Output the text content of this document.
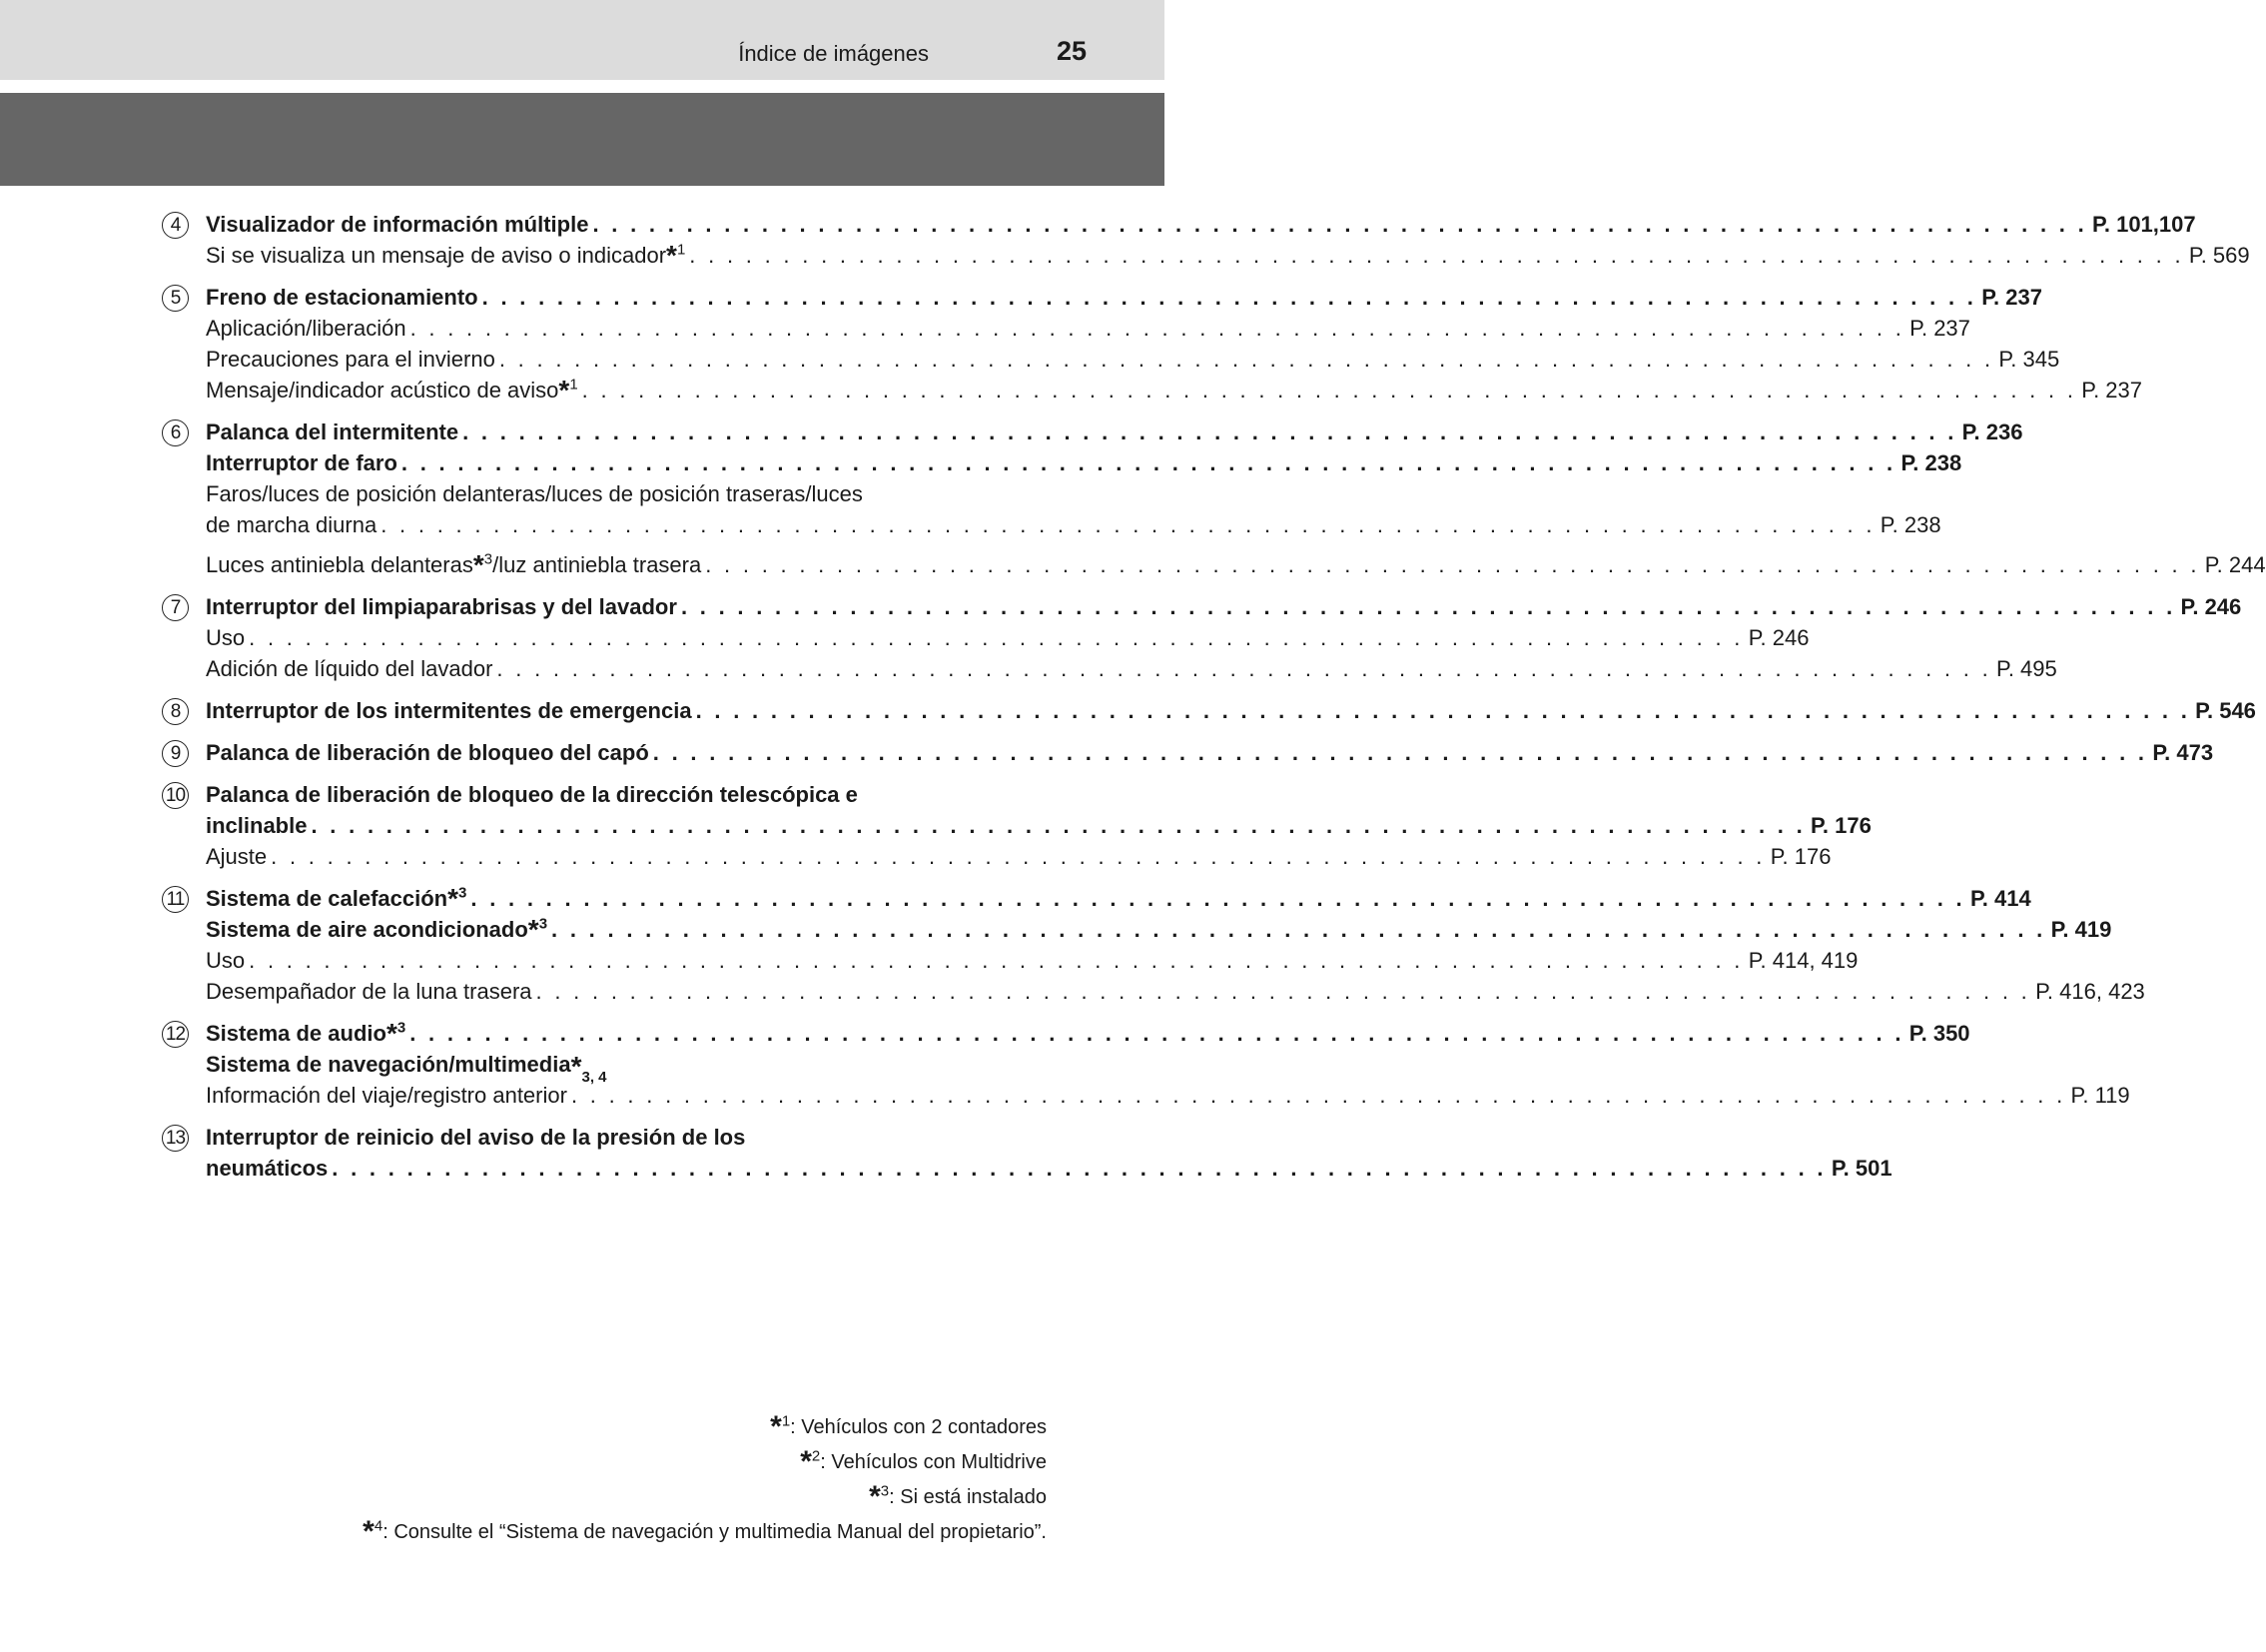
Índice de imágenes	25
4	Visualizador de información múltiple . . . . . . . . . . . . . . . . . . . . . . . . . . . . . . . . . . . . . . . . . . . . . . . . . . . . . . . . . . . . . . . . . . . . . . . . . . . . . . . . P. 101,107
Si se visualiza un mensaje de aviso o indicador*$^1$ . . . . . . . . . . . . . . . . . . . . . . . . . . . . . . . . . . . . . . . . . . . . . . . . . . . . . . . . . . . . . . . . . . . . . . . . . . . . . . . . P. 569
5	Freno de estacionamiento . . . . . . . . . . . . . . . . . . . . . . . . . . . . . . . . . . . . . . . . . . . . . . . . . . . . . . . . . . . . . . . . . . . . . . . . . . . . . . . . P. 237
Aplicación/liberación . . . . . . . . . . . . . . . . . . . . . . . . . . . . . . . . . . . . . . . . . . . . . . . . . . . . . . . . . . . . . . . . . . . . . . . . . . . . . . . . P. 237
Precauciones para el invierno . . . . . . . . . . . . . . . . . . . . . . . . . . . . . . . . . . . . . . . . . . . . . . . . . . . . . . . . . . . . . . . . . . . . . . . . . . . . . . . . P. 345
Mensaje/indicador acústico de aviso*$^1$ . . . . . . . . . . . . . . . . . . . . . . . . . . . . . . . . . . . . . . . . . . . . . . . . . . . . . . . . . . . . . . . . . . . . . . . . . . . . . . . . P. 237
6	Palanca del intermitente . . . . . . . . . . . . . . . . . . . . . . . . . . . . . . . . . . . . . . . . . . . . . . . . . . . . . . . . . . . . . . . . . . . . . . . . . . . . . . . . P. 236
Interruptor de faro . . . . . . . . . . . . . . . . . . . . . . . . . . . . . . . . . . . . . . . . . . . . . . . . . . . . . . . . . . . . . . . . . . . . . . . . . . . . . . . . P. 238
Faros/luces de posición delanteras/luces de posición traseras/luces
de marcha diurna . . . . . . . . . . . . . . . . . . . . . . . . . . . . . . . . . . . . . . . . . . . . . . . . . . . . . . . . . . . . . . . . . . . . . . . . . . . . . . . . P. 238
Luces antiniebla delanteras*$^3$/luz antiniebla trasera . . . . . . . . . . . . . . . . . . . . . . . . . . . . . . . . . . . . . . . . . . . . . . . . . . . . . . . . . . . . . . . . . . . . . . . . . . . . . . . . P. 244
7	Interruptor del limpiaparabrisas y del lavador . . . . . . . . . . . . . . . . . . . . . . . . . . . . . . . . . . . . . . . . . . . . . . . . . . . . . . . . . . . . . . . . . . . . . . . . . . . . . . . . P. 246
Uso . . . . . . . . . . . . . . . . . . . . . . . . . . . . . . . . . . . . . . . . . . . . . . . . . . . . . . . . . . . . . . . . . . . . . . . . . . . . . . . . P. 246
Adición de líquido del lavador . . . . . . . . . . . . . . . . . . . . . . . . . . . . . . . . . . . . . . . . . . . . . . . . . . . . . . . . . . . . . . . . . . . . . . . . . . . . . . . . P. 495
8	Interruptor de los intermitentes de emergencia . . . . . . . . . . . . . . . . . . . . . . . . . . . . . . . . . . . . . . . . . . . . . . . . . . . . . . . . . . . . . . . . . . . . . . . . . . . . . . . . P. 546
9	Palanca de liberación de bloqueo del capó . . . . . . . . . . . . . . . . . . . . . . . . . . . . . . . . . . . . . . . . . . . . . . . . . . . . . . . . . . . . . . . . . . . . . . . . . . . . . . . . P. 473
10 Palanca de liberación de bloqueo de la dirección telescópica e
inclinable . . . . . . . . . . . . . . . . . . . . . . . . . . . . . . . . . . . . . . . . . . . . . . . . . . . . . . . . . . . . . . . . . . . . . . . . . . . . . . . . P. 176
Ajuste . . . . . . . . . . . . . . . . . . . . . . . . . . . . . . . . . . . . . . . . . . . . . . . . . . . . . . . . . . . . . . . . . . . . . . . . . . . . . . . . P. 176
11 Sistema de calefacción*$^3$ . . . . . . . . . . . . . . . . . . . . . . . . . . . . . . . . . . . . . . . . . . . . . . . . . . . . . . . . . . . . . . . . . . . . . . . . . . . . . . . . P. 414
Sistema de aire acondicionado*$^3$ . . . . . . . . . . . . . . . . . . . . . . . . . . . . . . . . . . . . . . . . . . . . . . . . . . . . . . . . . . . . . . . . . . . . . . . . . . . . . . . . P. 419
Uso . . . . . . . . . . . . . . . . . . . . . . . . . . . . . . . . . . . . . . . . . . . . . . . . . . . . . . . . . . . . . . . . . . . . . . . . . . . . . . . . P. 414, 419
Desempañador de la luna trasera . . . . . . . . . . . . . . . . . . . . . . . . . . . . . . . . . . . . . . . . . . . . . . . . . . . . . . . . . . . . . . . . . . . . . . . . . . . . . . . . P. 416, 423
12 Sistema de audio*$^3$ . . . . . . . . . . . . . . . . . . . . . . . . . . . . . . . . . . . . . . . . . . . . . . . . . . . . . . . . . . . . . . . . . . . . . . . . . . . . . . . . P. 350
Sistema de navegación/multimedia * 3, 4
Información del viaje/registro anterior . . . . . . . . . . . . . . . . . . . . . . . . . . . . . . . . . . . . . . . . . . . . . . . . . . . . . . . . . . . . . . . . . . . . . . . . . . . . . . . . P. 119
13 Interruptor de reinicio del aviso de la presión de los
neumáticos . . . . . . . . . . . . . . . . . . . . . . . . . . . . . . . . . . . . . . . . . . . . . . . . . . . . . . . . . . . . . . . . . . . . . . . . . . . . . . . . P. 501
*$^1$: Vehículos con 2 contadores
*$^2$: Vehículos con Multidrive
*$^3$: Si está instalado
*$^4$: Consulte el “Sistema de navegación y multimedia Manual del propietario”.
